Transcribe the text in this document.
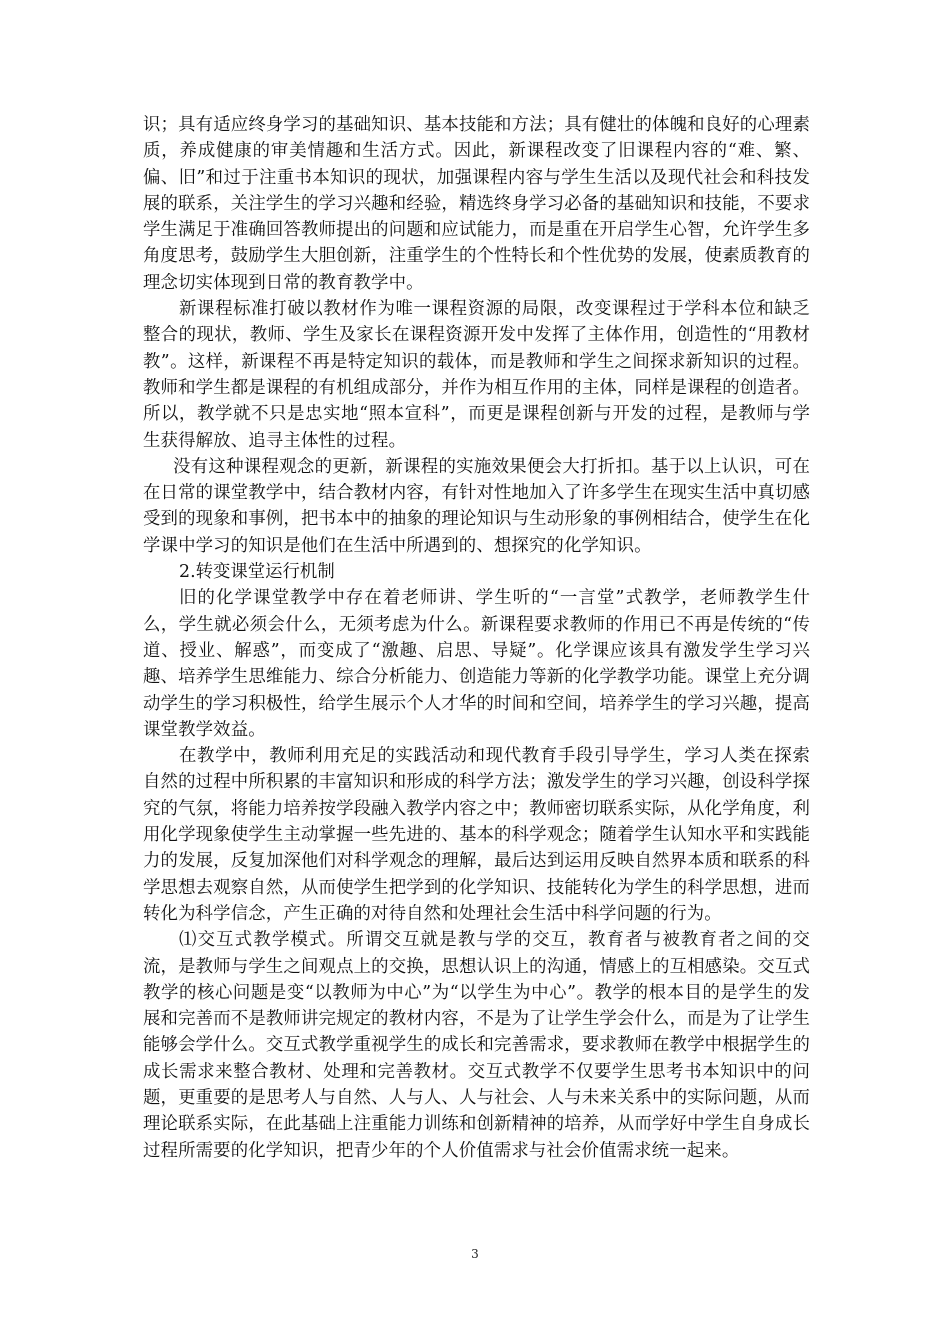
识；具有适应终身学习的基础知识、基本技能和方法；具有健壮的体魄和良好的心理素质，养成健康的审美情趣和生活方式。因此，新课程改变了旧课程内容的“难、繁、偏、旧”和过于注重书本知识的现状，加强课程内容与学生生活以及现代社会和科技发展的联系，关注学生的学习兴趣和经验，精选终身学习必备的基础知识和技能，不要求学生满足于准确回答教师提出的问题和应试能力，而是重在开启学生心智，允许学生多角度思考，鼓励学生大胆创新，注重学生的个性特长和个性优势的发展，使素质教育的理念切实体现到日常的教育教学中。

新课程标准打破以教材作为唯一课程资源的局限，改变课程过于学科本位和缺乏整合的现状，教师、学生及家长在课程资源开发中发挥了主体作用，创造性的“用教材教”。这样，新课程不再是特定知识的载体，而是教师和学生之间探求新知识的过程。教师和学生都是课程的有机组成部分，并作为相互作用的主体，同样是课程的创造者。所以，教学就不只是忠实地“照本宣科”，而更是课程创新与开发的过程，是教师与学生获得解放、追寻主体性的过程。

没有这种课程观念的更新，新课程的实施效果便会大打折扣。基于以上认识，可在在日常的课堂教学中，结合教材内容，有针对性地加入了许多学生在现实生活中真切感受到的现象和事例，把书本中的抽象的理论知识与生动形象的事例相结合，使学生在化学课中学习的知识是他们在生活中所遇到的、想探究的化学知识。

2.转变课堂运行机制

旧的化学课堂教学中存在着老师讲、学生听的“一言堂”式教学，老师教学生什么，学生就必须会什么，无须考虑为什么。新课程要求教师的作用已不再是传统的“传道、授业、解惑”，而变成了“激趣、启思、导疑”。化学课应该具有激发学生学习兴趣、培养学生思维能力、综合分析能力、创造能力等新的化学教学功能。课堂上充分调动学生的学习积极性，给学生展示个人才华的时间和空间，培养学生的学习兴趣，提高课堂教学效益。

在教学中，教师利用充足的实践活动和现代教育手段引导学生，学习人类在探索自然的过程中所积累的丰富知识和形成的科学方法；激发学生的学习兴趣，创设科学探究的气氛，将能力培养按学段融入教学内容之中；教师密切联系实际，从化学角度，利用化学现象使学生主动掌握一些先进的、基本的科学观念；随着学生认知水平和实践能力的发展，反复加深他们对科学观念的理解，最后达到运用反映自然界本质和联系的科学思想去观察自然，从而使学生把学到的化学知识、技能转化为学生的科学思想，进而转化为科学信念，产生正确的对待自然和处理社会生活中科学问题的行为。

⑴交互式教学模式。所谓交互就是教与学的交互，教育者与被教育者之间的交流，是教师与学生之间观点上的交换，思想认识上的沟通，情感上的互相感染。交互式教学的核心问题是变“以教师为中心”为“以学生为中心”。教学的根本目的是学生的发展和完善而不是教师讲完规定的教材内容，不是为了让学生学会什么，而是为了让学生能够会学什么。交互式教学重视学生的成长和完善需求，要求教师在教学中根据学生的成长需求来整合教材、处理和完善教材。交互式教学不仅要学生思考书本知识中的问题，更重要的是思考人与自然、人与人、人与社会、人与未来关系中的实际问题，从而理论联系实际，在此基础上注重能力训练和创新精神的培养，从而学好中学生自身成长过程所需要的化学知识，把青少年的个人价值需求与社会价值需求统一起来。

3
